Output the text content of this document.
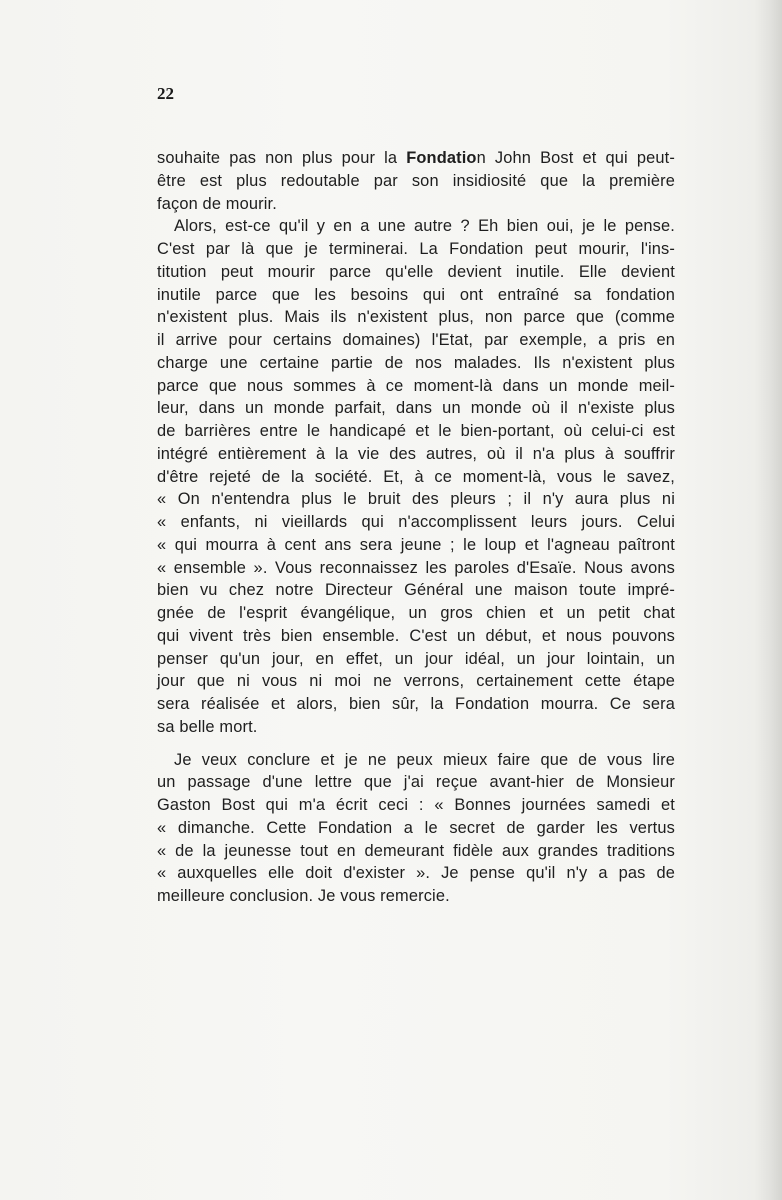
22
souhaite pas non plus pour la Fondation John Bost et qui peut-
être est plus redoutable par son insidiosité que la première
façon de mourir.
Alors, est-ce qu'il y en a une autre ? Eh bien oui, je le pense.
C'est par là que je terminerai. La Fondation peut mourir, l'ins-
titution peut mourir parce qu'elle devient inutile. Elle devient
inutile parce que les besoins qui ont entraîné sa fondation
n'existent plus. Mais ils n'existent plus, non parce que (comme
il arrive pour certains domaines) l'Etat, par exemple, a pris en
charge une certaine partie de nos malades. Ils n'existent plus
parce que nous sommes à ce moment-là dans un monde meil-
leur, dans un monde parfait, dans un monde où il n'existe plus
de barrières entre le handicapé et le bien-portant, où celui-ci est
intégré entièrement à la vie des autres, où il n'a plus à souffrir
d'être rejeté de la société. Et, à ce moment-là, vous le savez,
« On n'entendra plus le bruit des pleurs ; il n'y aura plus ni
« enfants, ni vieillards qui n'accomplissent leurs jours. Celui
« qui mourra à cent ans sera jeune ; le loup et l'agneau paîtront
« ensemble ». Vous reconnaissez les paroles d'Esaïe. Nous avons
bien vu chez notre Directeur Général une maison toute impré-
gnée de l'esprit évangélique, un gros chien et un petit chat
qui vivent très bien ensemble. C'est un début, et nous pouvons
penser qu'un jour, en effet, un jour idéal, un jour lointain, un
jour que ni vous ni moi ne verrons, certainement cette étape
sera réalisée et alors, bien sûr, la Fondation mourra. Ce sera
sa belle mort.
Je veux conclure et je ne peux mieux faire que de vous lire
un passage d'une lettre que j'ai reçue avant-hier de Monsieur
Gaston Bost qui m'a écrit ceci : « Bonnes journées samedi et
« dimanche. Cette Fondation a le secret de garder les vertus
« de la jeunesse tout en demeurant fidèle aux grandes traditions
« auxquelles elle doit d'exister ». Je pense qu'il n'y a pas de
meilleure conclusion. Je vous remercie.
